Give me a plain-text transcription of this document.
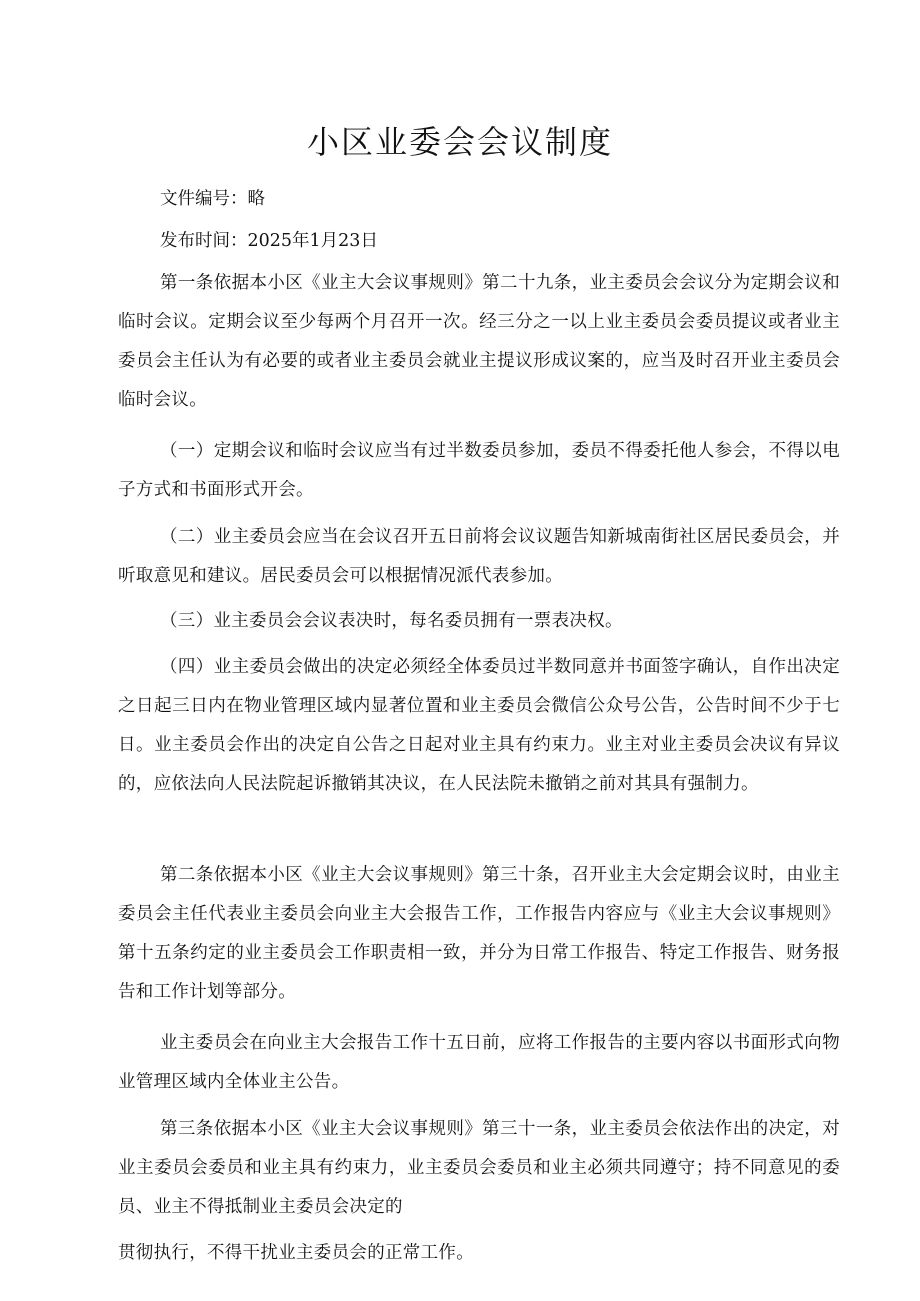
小区业委会会议制度
文件编号：略
发布时间：2025年1月23日
第一条依据本小区《业主大会议事规则》第二十九条，业主委员会会议分为定期会议和临时会议。定期会议至少每两个月召开一次。经三分之一以上业主委员会委员提议或者业主委员会主任认为有必要的或者业主委员会就业主提议形成议案的，应当及时召开业主委员会临时会议。
（一）定期会议和临时会议应当有过半数委员参加，委员不得委托他人参会，不得以电子方式和书面形式开会。
（二）业主委员会应当在会议召开五日前将会议议题告知新城南街社区居民委员会，并听取意见和建议。居民委员会可以根据情况派代表参加。
（三）业主委员会会议表决时，每名委员拥有一票表决权。
（四）业主委员会做出的决定必须经全体委员过半数同意并书面签字确认，自作出决定之日起三日内在物业管理区域内显著位置和业主委员会微信公众号公告，公告时间不少于七日。业主委员会作出的决定自公告之日起对业主具有约束力。业主对业主委员会决议有异议的，应依法向人民法院起诉撤销其决议，在人民法院未撤销之前对其具有强制力。
第二条依据本小区《业主大会议事规则》第三十条，召开业主大会定期会议时，由业主委员会主任代表业主委员会向业主大会报告工作，工作报告内容应与《业主大会议事规则》第十五条约定的业主委员会工作职责相一致，并分为日常工作报告、特定工作报告、财务报告和工作计划等部分。
业主委员会在向业主大会报告工作十五日前，应将工作报告的主要内容以书面形式向物业管理区域内全体业主公告。
第三条依据本小区《业主大会议事规则》第三十一条，业主委员会依法作出的决定，对业主委员会委员和业主具有约束力，业主委员会委员和业主必须共同遵守；持不同意见的委员、业主不得抵制业主委员会决定的
贯彻执行，不得干扰业主委员会的正常工作。
